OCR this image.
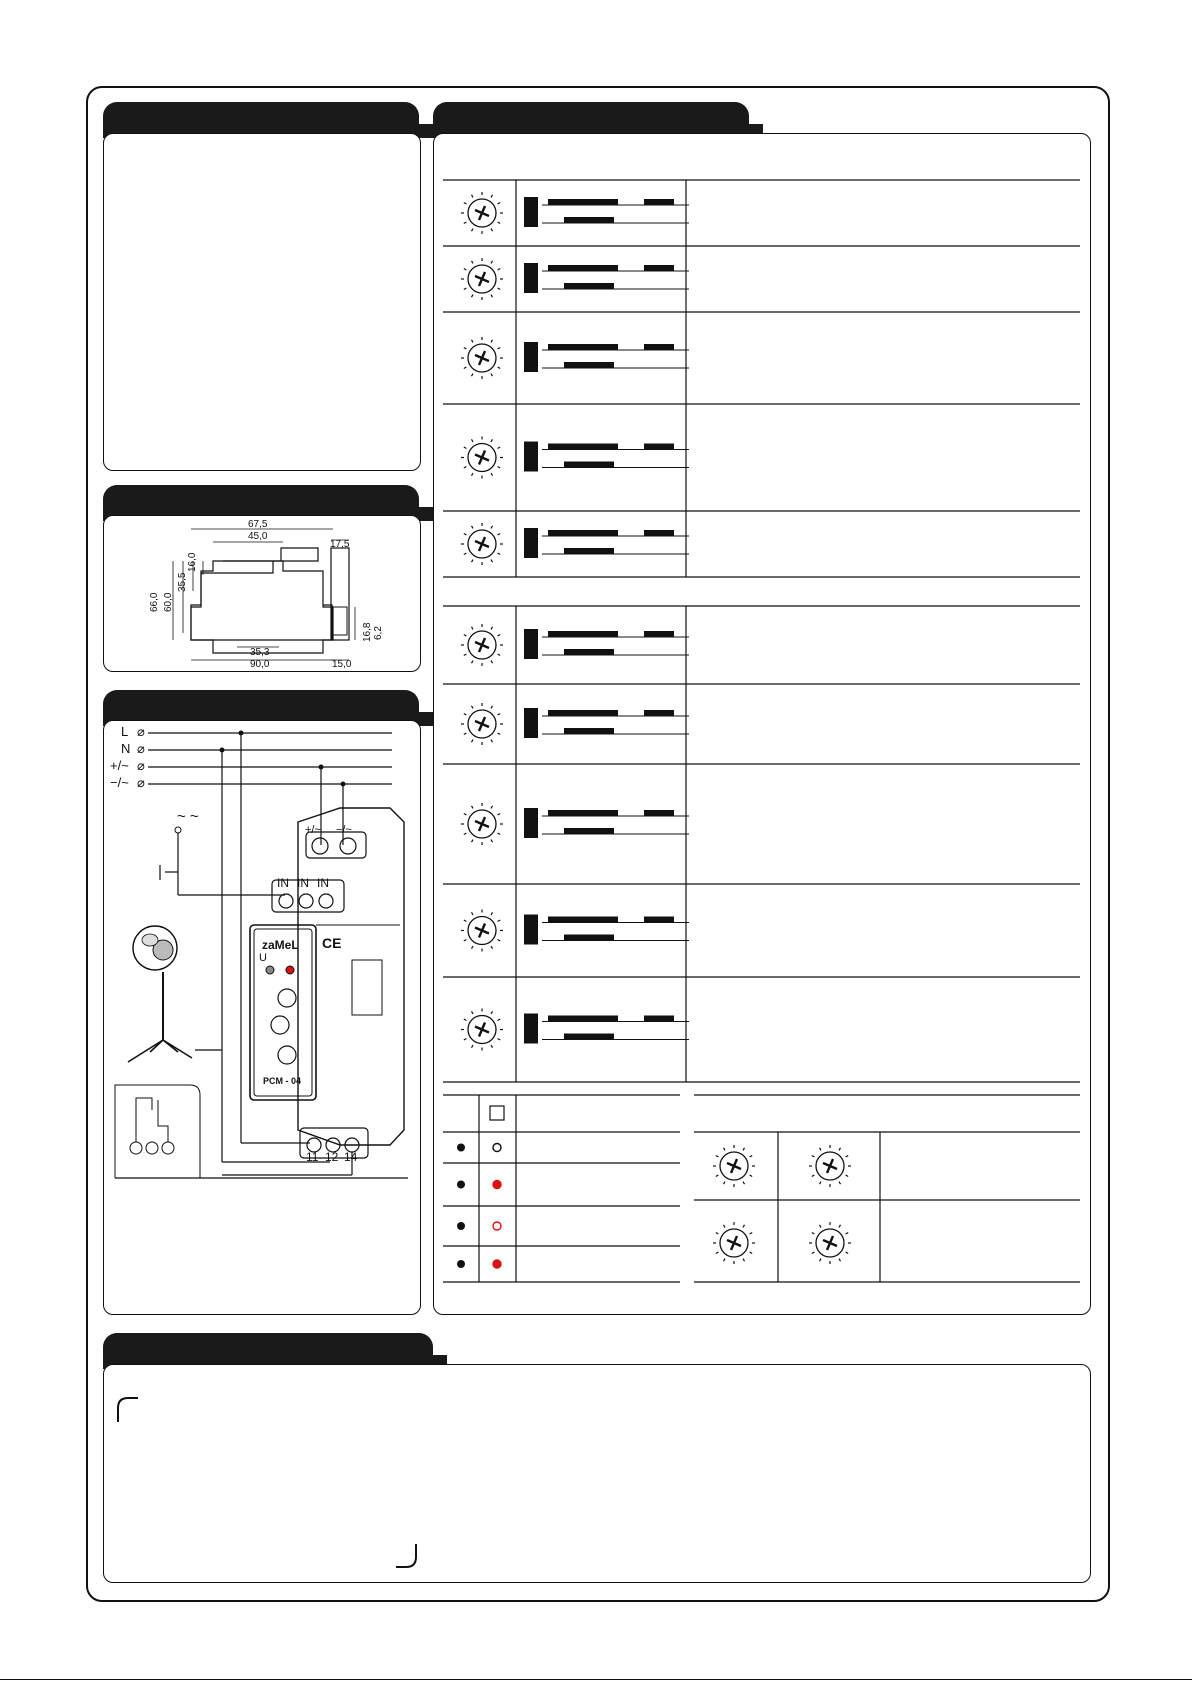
67,5
45,0
17,5
66,0 60,0
35,5
16,0
16,8 6,2
35,3
90,0	15,0
L
N
+/~
−/~
⌀
⌀
⌀
⌀
~ ~
+/~ −/~
IN IN IN
zaMeL
U
PCM - 04
CE
11 12 14
